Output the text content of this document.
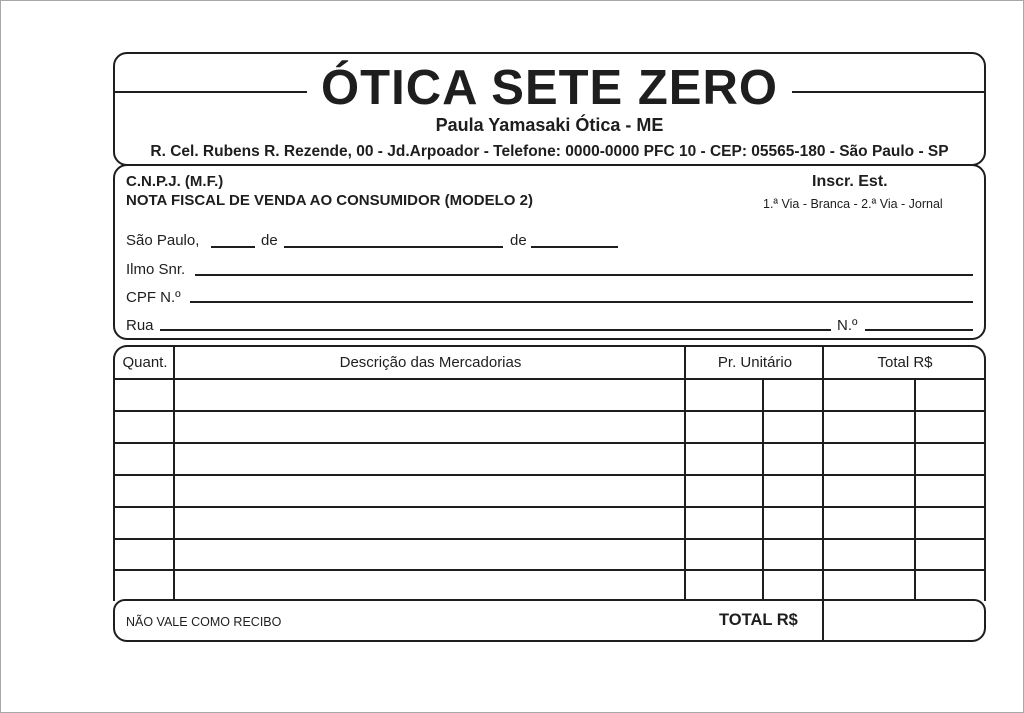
ÓTICA SETE ZERO
Paula Yamasaki Ótica - ME
R. Cel. Rubens R. Rezende, 00 - Jd.Arpoador - Telefone: 0000-0000 PFC 10 - CEP: 05565-180 - São Paulo - SP
C.N.P.J. (M.F.)
NOTA FISCAL DE VENDA AO CONSUMIDOR (MODELO 2)
Inscr. Est.
1.ª Via - Branca - 2.ª Via - Jornal
São Paulo,	de	de
Ilmo Snr.
CPF N.º
Rua	N.º
Quant.	Descrição das Mercadorias	Pr. Unitário	Total R$
NÃO VALE COMO RECIBO	TOTAL R$
